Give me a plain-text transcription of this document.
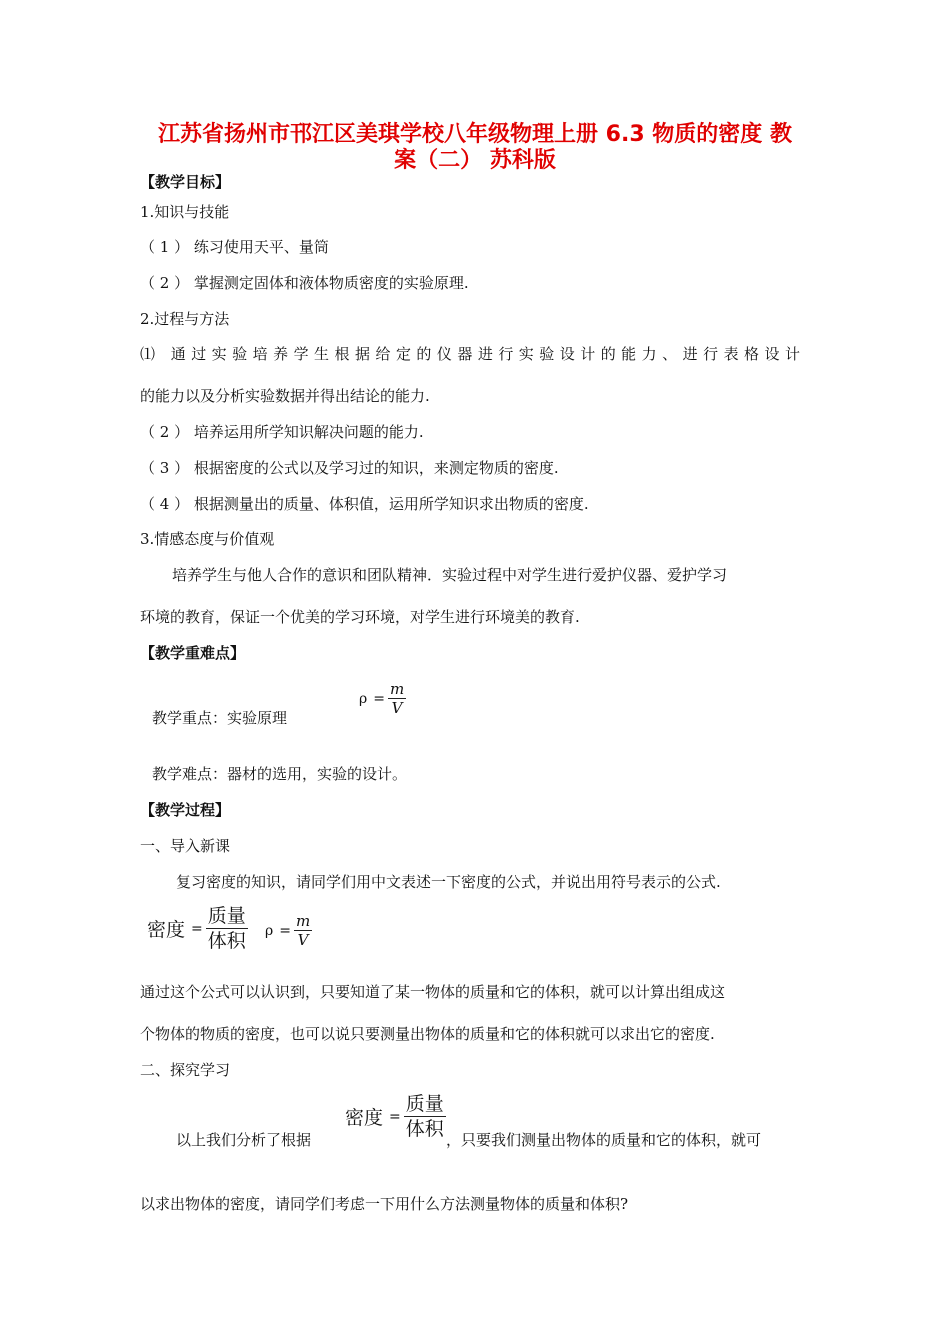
江苏省扬州市邗江区美琪学校八年级物理上册 6.3 物质的密度 教
案（二） 苏科版
【教学目标】
1.知识与技能
（ 1 ） 练习使用天平、量筒
（ 2 ） 掌握测定固体和液体物质密度的实验原理.
2.过程与方法
⑴ 通过实验培养学生根据给定的仪器进行实验设计的能力、进行表格设计
的能力以及分析实验数据并得出结论的能力.
（ 2 ） 培养运用所学知识解决问题的能力.
（ 3 ） 根据密度的公式以及学习过的知识，来测定物质的密度.
（ 4 ） 根据测量出的质量、体积值，运用所学知识求出物质的密度.
3.情感态度与价值观
培养学生与他人合作的意识和团队精神．实验过程中对学生进行爱护仪器、爱护学习
环境的教育，保证一个优美的学习环境，对学生进行环境美的教育.
【教学重难点】
教学重点：实验原理
$\rho = \frac{m}{V}$
教学难点：器材的选用，实验的设计。
【教学过程】
一、导入新课
复习密度的知识，请同学们用中文表述一下密度的公式，并说出用符号表示的公式.
密度 = $\frac{\text{质量}}{\text{体积}}$ $\rho = \frac{m}{V}$
通过这个公式可以认识到，只要知道了某一物体的质量和它的体积，就可以计算出组成这
个物体的物质的密度，也可以说只要测量出物体的质量和它的体积就可以求出它的密度.
二、探究学习
以上我们分析了根据
密度 = $\frac{\text{质量}}{\text{体积}}$ ，只要我们测量出物体的质量和它的体积，就可
以求出物体的密度，请同学们考虑一下用什么方法测量物体的质量和体积?
